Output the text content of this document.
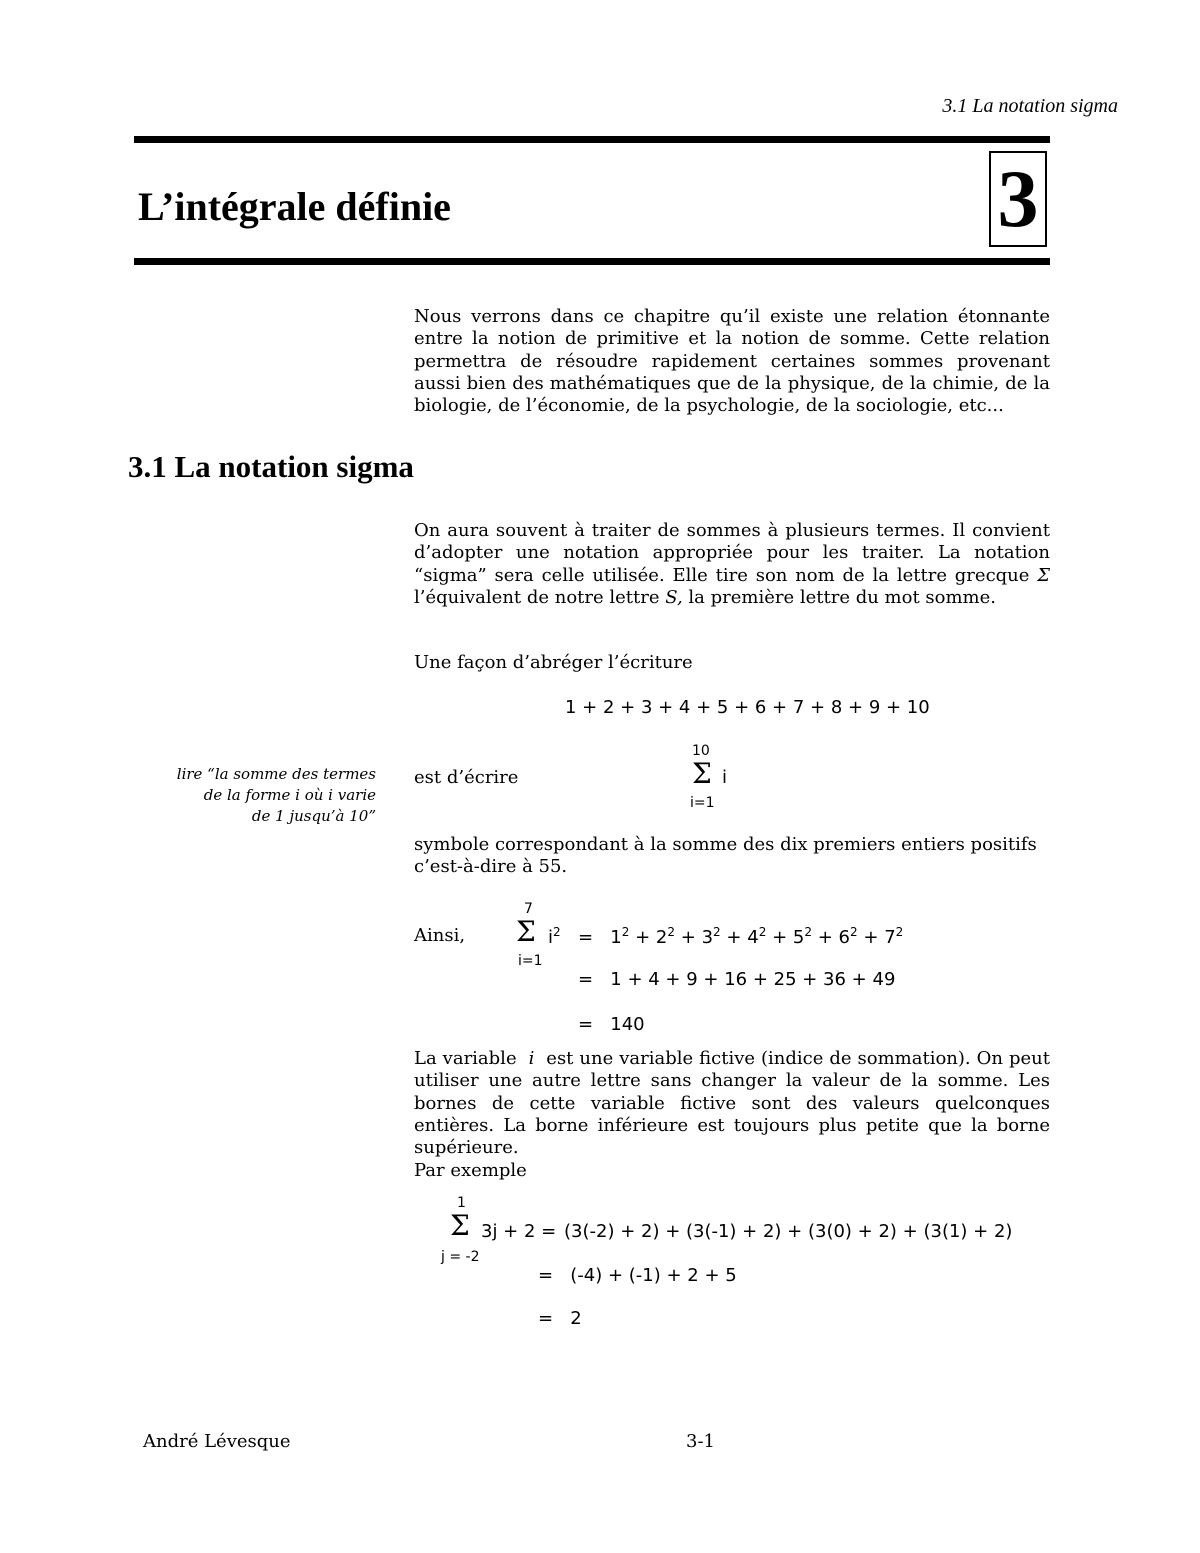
3.1 La notation sigma
L’intégrale définie	3
Nous verrons dans ce chapitre qu’il existe une relation étonnante entre la notion de primitive et la notion de somme. Cette relation permettra de résoudre rapidement certaines sommes provenant aussi bien des mathématiques que de la physique, de la chimie, de la biologie, de l’économie, de la psychologie, de la sociologie, etc...
3.1 La notation sigma
On aura souvent à traiter de sommes à plusieurs termes. Il convient d’adopter une notation appropriée pour les traiter. La notation “sigma” sera celle utilisée. Elle tire son nom de la lettre grecque Σ l’équivalent de notre lettre S, la première lettre du mot somme.
Une façon d’abréger l’écriture
1 + 2 + 3 + 4 + 5 + 6 + 7 + 8 + 9 + 10
lire “la somme des termes
de la forme i où i varie
de 1 jusqu’à 10”
est d’écrire
10
Σ i
i=1
symbole correspondant à la somme des dix premiers entiers positifs
c’est-à-dire à 55.
Ainsi,
7
Σ $i^2$
i=1
= $1^2 + 2^2 + 3^2 + 4^2 + 5^2 + 6^2 + 7^2$
= 1 + 4 + 9 + 16 + 25 + 36 + 49
= 140
La variable i est une variable fictive (indice de sommation). On peut utiliser une autre lettre sans changer la valeur de la somme. Les bornes de cette variable fictive sont des valeurs quelconques entières. La borne inférieure est toujours plus petite que la borne supérieure.
Par exemple
1
Σ 3j + 2 =
j = -2
(3(-2) + 2) + (3(-1) + 2) + (3(0) + 2) + (3(1) + 2)
= (-4) + (-1) + 2 + 5
= 2
André Lévesque	3-1
